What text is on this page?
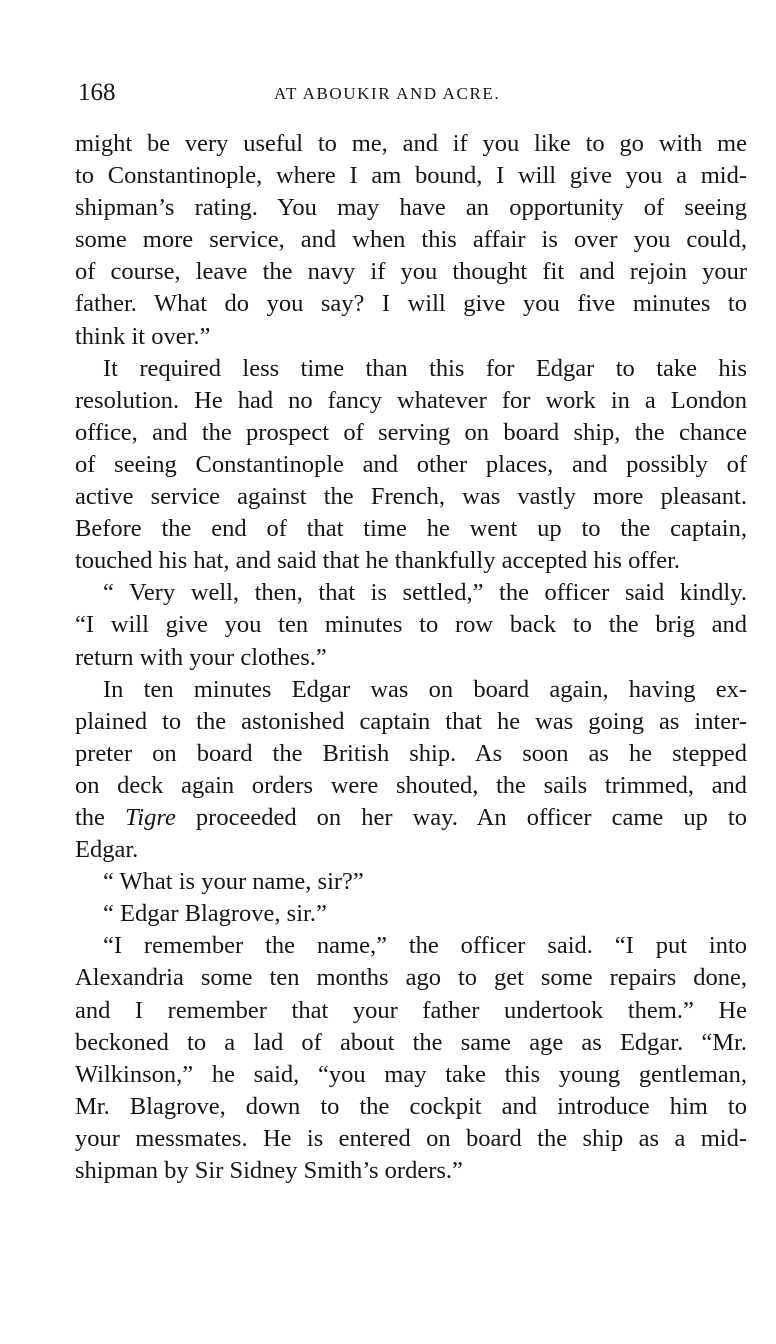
168	AT ABOUKIR AND ACRE.
might be very useful to me, and if you like to go with me
to Constantinople, where I am bound, I will give you a mid-
shipman’s rating. You may have an opportunity of seeing
some more service, and when this affair is over you could,
of course, leave the navy if you thought fit and rejoin your
father. What do you say? I will give you five minutes to
think it over.”
It required less time than this for Edgar to take his
resolution. He had no fancy whatever for work in a London
office, and the prospect of serving on board ship, the chance
of seeing Constantinople and other places, and possibly of
active service against the French, was vastly more pleasant.
Before the end of that time he went up to the captain,
touched his hat, and said that he thankfully accepted his offer.
“ Very well, then, that is settled,” the officer said kindly.
“I will give you ten minutes to row back to the brig and
return with your clothes.”
In ten minutes Edgar was on board again, having ex-
plained to the astonished captain that he was going as inter-
preter on board the British ship. As soon as he stepped
on deck again orders were shouted, the sails trimmed, and
the Tigre proceeded on her way. An officer came up to
Edgar.
“ What is your name, sir?”
“ Edgar Blagrove, sir.”
“I remember the name,” the officer said. “I put into
Alexandria some ten months ago to get some repairs done,
and I remember that your father undertook them.” He
beckoned to a lad of about the same age as Edgar. “Mr.
Wilkinson,” he said, “you may take this young gentleman,
Mr. Blagrove, down to the cockpit and introduce him to
your messmates. He is entered on board the ship as a mid-
shipman by Sir Sidney Smith’s orders.”
